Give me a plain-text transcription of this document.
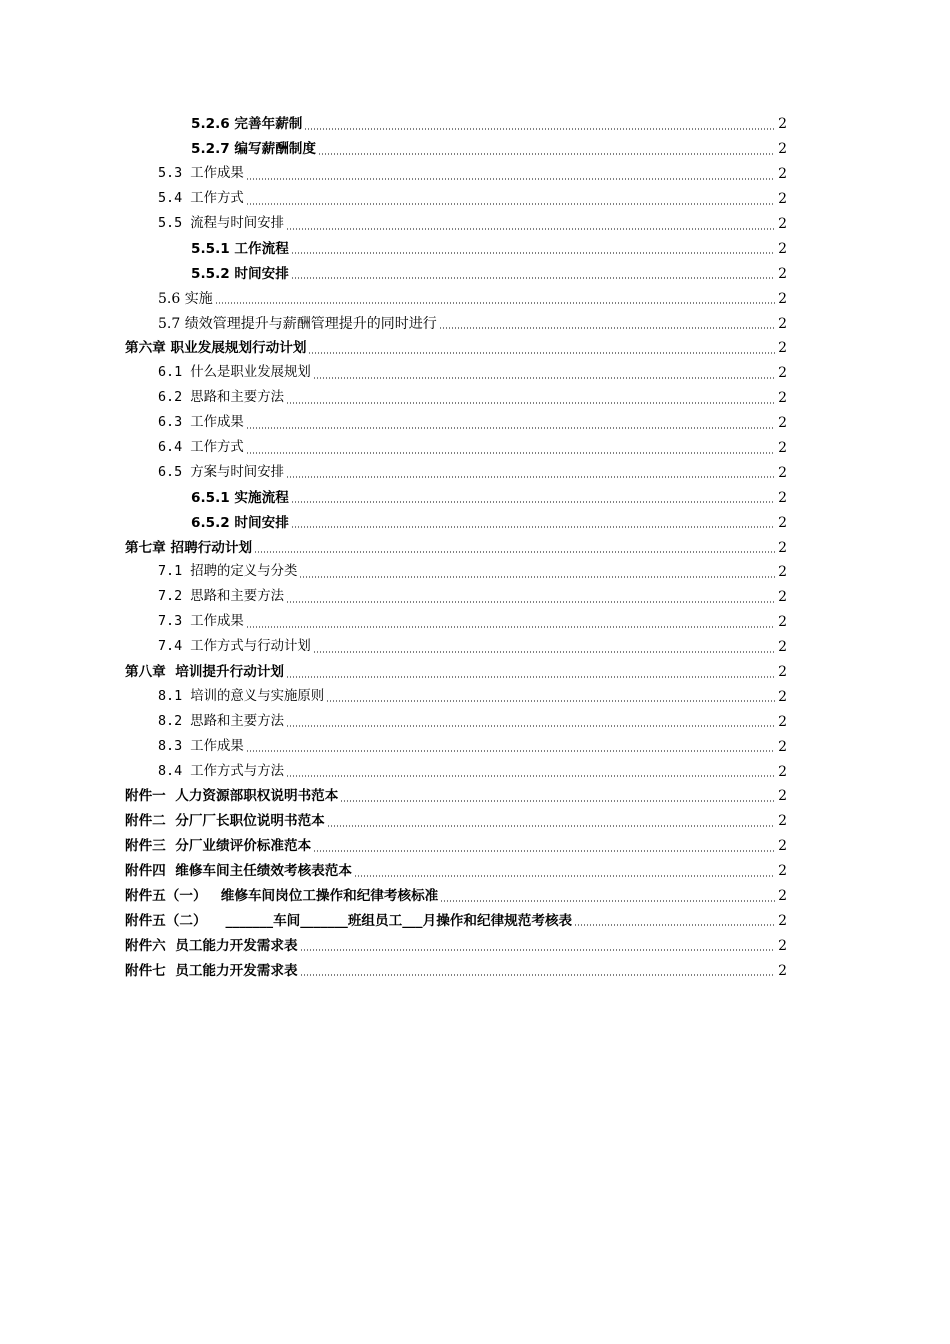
5.2.6 完善年薪制	2
5.2.7 编写薪酬制度	2
5.3 工作成果	2
5.4 工作方式	2
5.5 流程与时间安排	2
5.5.1 工作流程	2
5.5.2 时间安排	2
5.6 实施	2
5.7 绩效管理提升与薪酬管理提升的同时进行	2
第六章 职业发展规划行动计划	2
6.1 什么是职业发展规划	2
6.2 思路和主要方法	2
6.3 工作成果	2
6.4 工作方式	2
6.5 方案与时间安排	2
6.5.1 实施流程	2
6.5.2 时间安排	2
第七章 招聘行动计划	2
7.1 招聘的定义与分类	2
7.2 思路和主要方法	2
7.3 工作成果	2
7.4 工作方式与行动计划	2
第八章  培训提升行动计划	2
8.1 培训的意义与实施原则	2
8.2 思路和主要方法	2
8.3 工作成果	2
8.4 工作方式与方法	2
附件一  人力资源部职权说明书范本	2
附件二  分厂厂长职位说明书范本	2
附件三  分厂业绩评价标准范本	2
附件四  维修车间主任绩效考核表范本	2
附件五（一）   维修车间岗位工操作和纪律考核标准	2
附件五（二）    _______车间_______班组员工___月操作和纪律规范考核表	2
附件六  员工能力开发需求表	2
附件七  员工能力开发需求表	2
